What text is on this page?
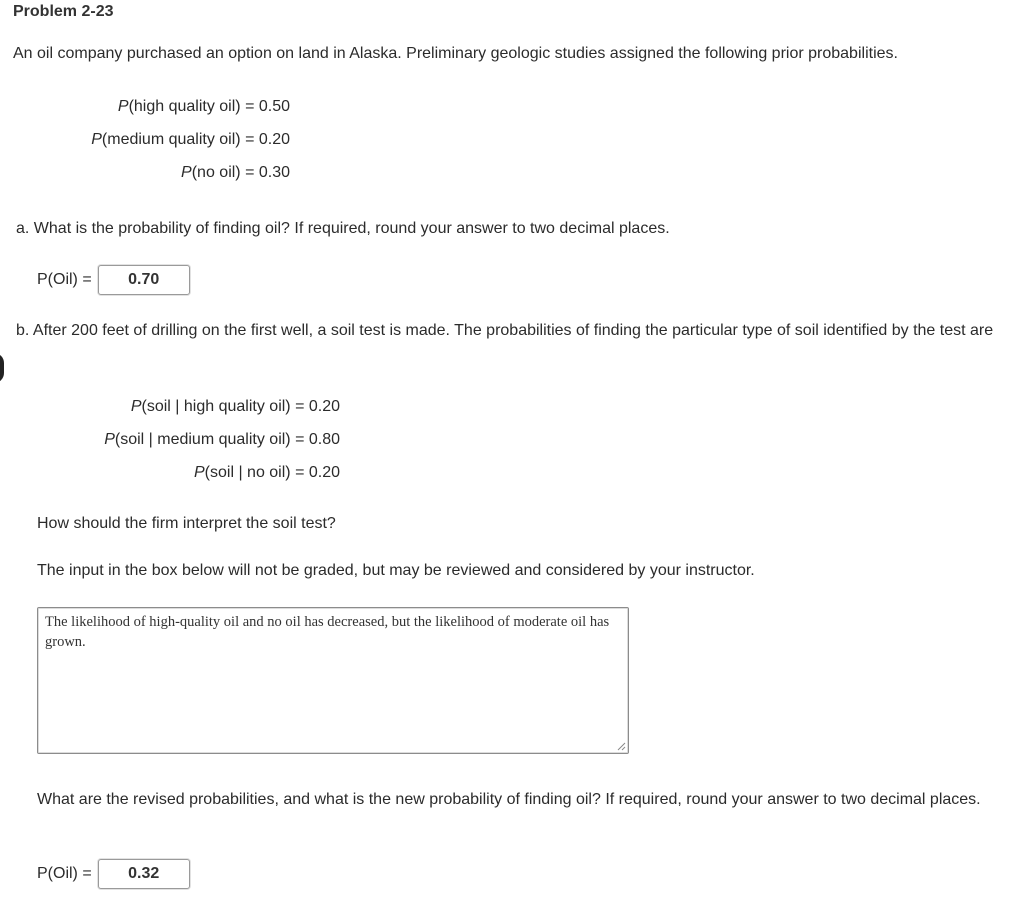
Problem 2-23
An oil company purchased an option on land in Alaska. Preliminary geologic studies assigned the following prior probabilities.
P(high quality oil) = 0.50
P(medium quality oil) = 0.20
P(no oil) = 0.30
a. What is the probability of finding oil? If required, round your answer to two decimal places.
P(Oil) =	0.70
b. After 200 feet of drilling on the first well, a soil test is made. The probabilities of finding the particular type of soil identified by the test are
P(soil | high quality oil) = 0.20
P(soil | medium quality oil) = 0.80
P(soil | no oil) = 0.20
How should the firm interpret the soil test?
The input in the box below will not be graded, but may be reviewed and considered by your instructor.
The likelihood of high-quality oil and no oil has decreased, but the likelihood of moderate oil has grown.
What are the revised probabilities, and what is the new probability of finding oil? If required, round your answer to two decimal places.
P(Oil) =	0.32
